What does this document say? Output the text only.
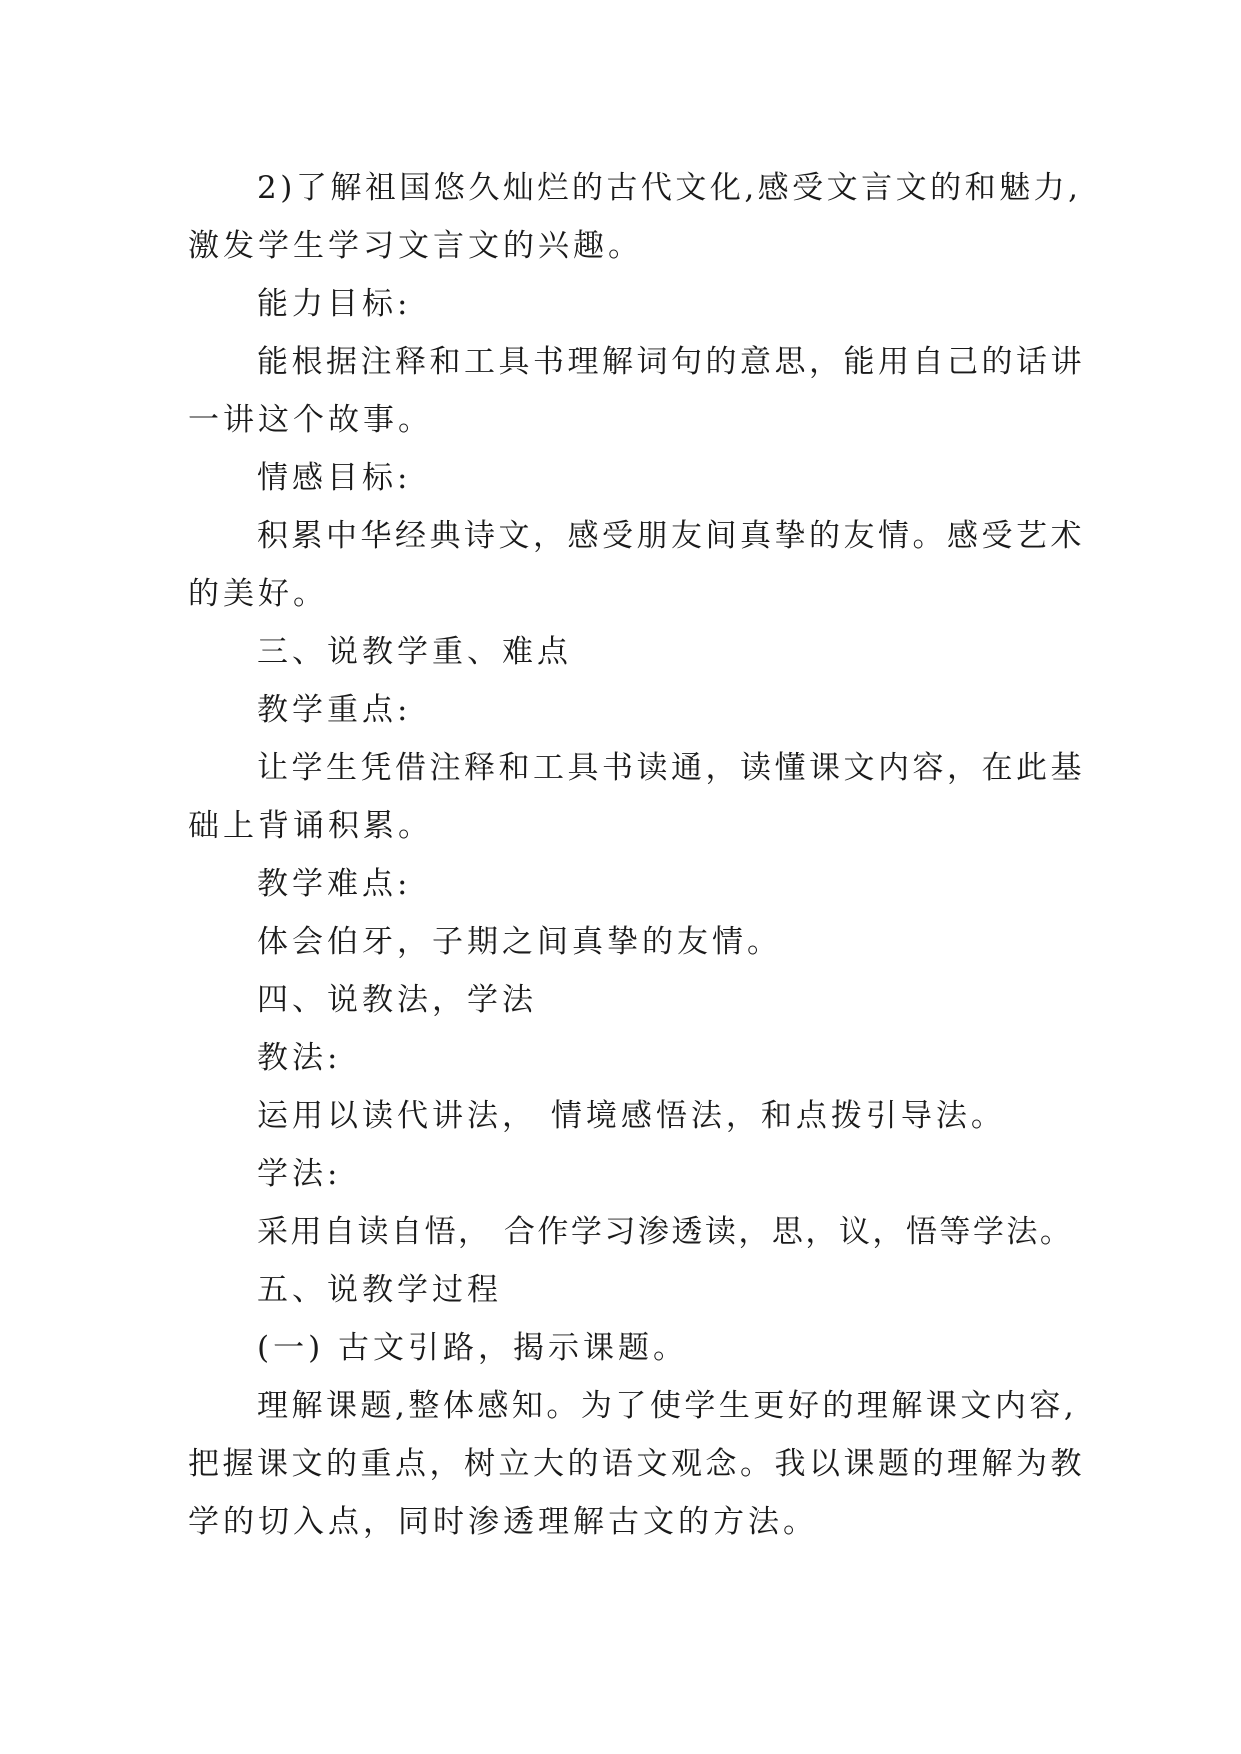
2)了解祖国悠久灿烂的古代文化,感受文言文的和魅力,
激发学生学习文言文的兴趣。
能力目标:
能根据注释和工具书理解词句的意思，能用自己的话讲
一讲这个故事。
情感目标:
积累中华经典诗文，感受朋友间真挚的友情。感受艺术
的美好。
三、说教学重、难点
教学重点:
让学生凭借注释和工具书读通，读懂课文内容，在此基
础上背诵积累。
教学难点:
体会伯牙，子期之间真挚的友情。
四、说教法，学法
教法:
运用以读代讲法， 情境感悟法，和点拨引导法。
学法:
采用自读自悟， 合作学习渗透读，思，议，悟等学法。
五、说教学过程
(一) 古文引路，揭示课题。
理解课题,整体感知。为了使学生更好的理解课文内容,
把握课文的重点，树立大的语文观念。我以课题的理解为教
学的切入点，同时渗透理解古文的方法。
